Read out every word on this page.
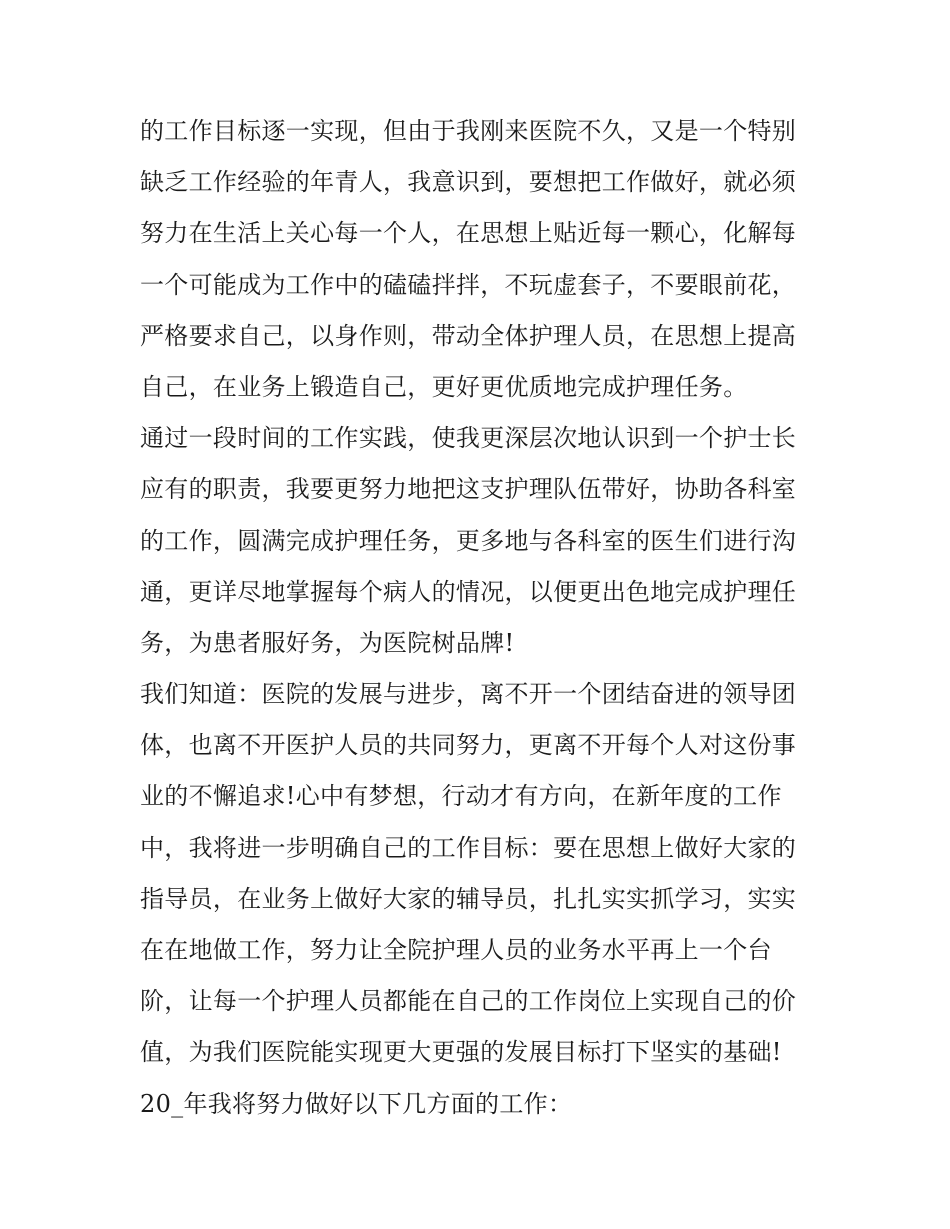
的工作目标逐一实现，但由于我刚来医院不久，又是一个特别
缺乏工作经验的年青人，我意识到，要想把工作做好，就必须
努力在生活上关心每一个人，在思想上贴近每一颗心，化解每
一个可能成为工作中的磕磕拌拌，不玩虚套子，不要眼前花，
严格要求自己，以身作则，带动全体护理人员，在思想上提高
自己，在业务上锻造自己，更好更优质地完成护理任务。
通过一段时间的工作实践，使我更深层次地认识到一个护士长
应有的职责，我要更努力地把这支护理队伍带好，协助各科室
的工作，圆满完成护理任务，更多地与各科室的医生们进行沟
通，更详尽地掌握每个病人的情况，以便更出色地完成护理任
务，为患者服好务，为医院树品牌!
我们知道：医院的发展与进步，离不开一个团结奋进的领导团
体，也离不开医护人员的共同努力，更离不开每个人对这份事
业的不懈追求!心中有梦想，行动才有方向，在新年度的工作
中，我将进一步明确自己的工作目标：要在思想上做好大家的
指导员，在业务上做好大家的辅导员，扎扎实实抓学习，实实
在在地做工作，努力让全院护理人员的业务水平再上一个台
阶，让每一个护理人员都能在自己的工作岗位上实现自己的价
值，为我们医院能实现更大更强的发展目标打下坚实的基础!
20_年我将努力做好以下几方面的工作：
